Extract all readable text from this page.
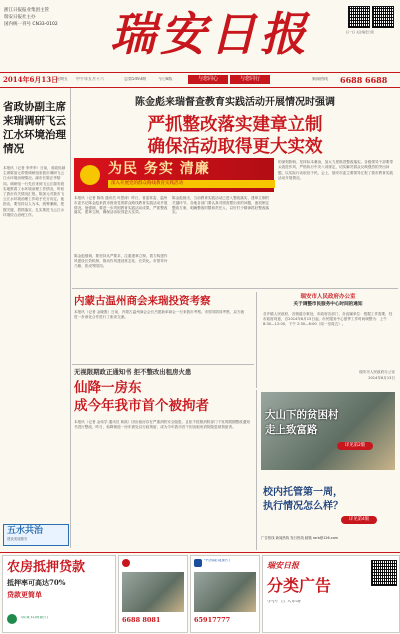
浙江日报报业集团主管
瑞安日报社主办
国内统一刊号 CN33-0102 瑞安日报	扫一扫 关注瑞安日报
2014年6月13日
星期五 甲午年五月十六	总第5493期	今日8版	与您同心	与您同行	新闻热线	6688 6688
省政协副主席来瑞调研飞云江水环境治理情况
本报讯（记者 李华李）日前，省政协副主席陈加元带领调研组来我市调研飞云江水环境治理情况。副市长陈正华陪同。调研组一行先后来到飞云江瑞安段实地察看了水环境治理工作情况，听取了我市有关情况汇报。陈加元对我市飞云江水环境治理工作给予充分肯定。他指出，要坚持以人为本，统筹兼顾，把握关键，狠抓落实，扎实推进飞云江水环境综合治理工作。
五水共治
建设美丽瑞安
陈金彪来瑞督查教育实践活动开展情况时强调
严抓整改落实建章立制
确保活动取得更大实效
为民 务实 清廉
深入开展党的群众路线教育实践活动
本报讯（记者 陈伟 通讯员 叶思涛）昨日，省委常委、温州市委书记陈金彪来我市督查党的群众路线教育实践活动开展情况。他强调，要进一步巩固教育实践活动成果，严抓整改落实，建章立制，确保活动取得更大实效。
陈金彪指出，当前教育实践活动已进入整改落实、建章立制的关键环节。各地各部门要认真对照查摆出来的问题，逐项制定整改方案，明确整改时限和责任人，以钉钉子精神抓好整改落实。
陈金彪强调，要坚持从严要求，注重建章立制，着力构建作风建设长效机制，推动作风建设常态化、长效化。市领导叶乃雄、张成等陪同。
的深刻影响，坚持标本兼治，加大力度推进整改落实。各级领导干部要带头改进作风，严格执行中央八项规定，切实解决群众反映强烈的突出问题，以实际行动取信于民。会上，瑞安市委主要领导汇报了我市教育实践活动开展情况。
内蒙古温州商会来瑞投资考察
本报讯（记者 金晓胜）日前，内蒙古温州商会会长吕建新率商会一行来我市考察。市领导陪同考察，双方就进一步深化合作进行了座谈交流。
瑞安市人民政府办公室
关于调整市民服务中心时间的通知
各乡镇人民政府，各街道办事处，市政府各部门，各直属单位：根据工作需要，经市政府同意，自2014年6月15日起，市民服务中心夏季工作时间调整为：上午 8:30—12:00，下午 2:30—6:00（周一至周五）。
瑞安市人民政府办公室
2014年6月13日
无视限期政正通知书 拒不整改出租房火患
仙降一房东
成今年我市首个被拘者
本报讯（记者 金伟学 通讯员 林凯）因出租房存在严重消防安全隐患，且拒不按照消防部门下发的限期整改通知书进行整改，昨日，仙降街道一房东被处以行政拘留，成为今年我市首个因出租房消防隐患被拘留者。
大山下的贫困村
走上致富路
详见第2版
校内托管第一周，
执行情况怎么样？
详见第4版
广告热线 新闻热线 发行热线 邮箱 rarb@126.com
农房抵押贷款
抵押率可高达70%
贷款更简单
瑞安农商银行	6688 8081
中国建设银行
65917777
瑞安日报
分类广告
小小广告 大市场
